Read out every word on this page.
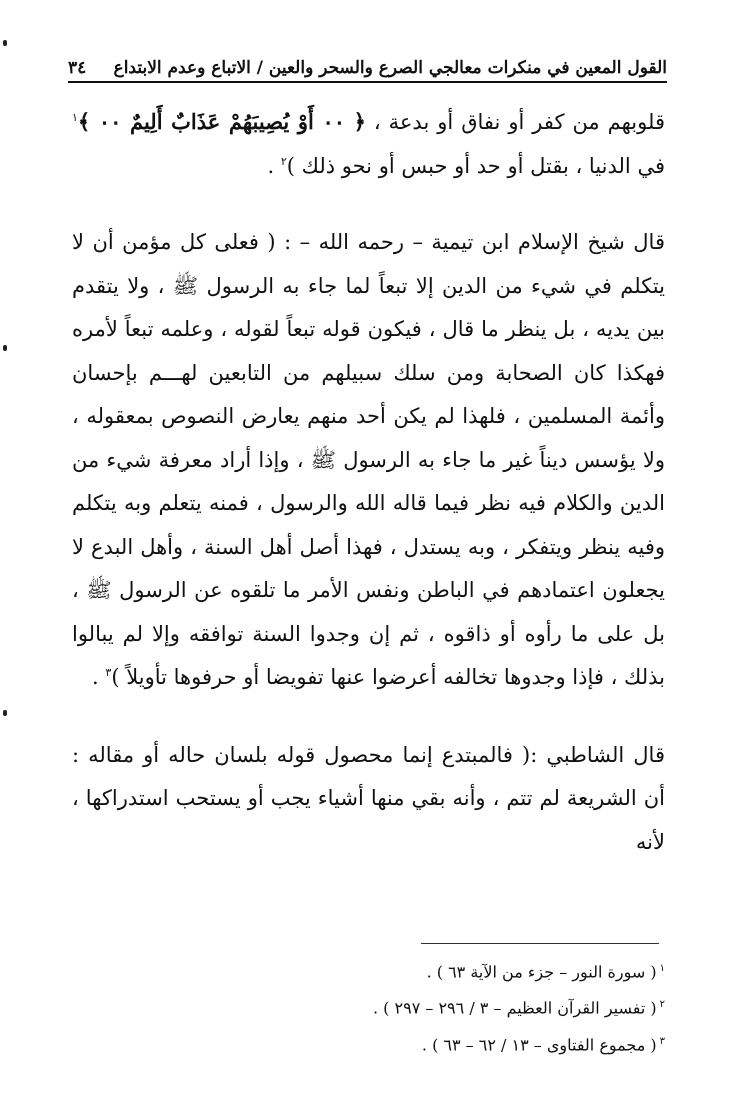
القول المعين في منكرات معالجي الصرع والسحر والعين / الاتباع وعدم الابتداع
٣٤

قلوبهم من كفر أو نفاق أو بدعة ، ﴿ ٠٠ أَوْ يُصِيبَهُمْ عَذَابٌ أَلِيمٌ ٠٠ ﴾$^١$ في الدنيا ، بقتل أو حد أو حبس أو نحو ذلك )$^٢$ .

قال شيخ الإسلام ابن تيمية – رحمه الله – : ( فعلى كل مؤمن أن لا يتكلم في شيء من الدين إلا تبعاً لما جاء به الرسول ﷺ ، ولا يتقدم بين يديه ، بل ينظر ما قال ، فيكون قوله تبعاً لقوله ، وعلمه تبعاً لأمره فهكذا كان الصحابة ومن سلك سبيلهم من التابعين لهـــم بإحسان وأئمة المسلمين ، فلهذا لم يكن أحد منهم يعارض النصوص بمعقوله ، ولا يؤسس ديناً غير ما جاء به الرسول ﷺ ، وإذا أراد معرفة شيء من الدين والكلام فيه نظر فيما قاله الله والرسول ، فمنه يتعلم وبه يتكلم وفيه ينظر ويتفكر ، وبه يستدل ، فهذا أصل أهل السنة ، وأهل البدع لا يجعلون اعتمادهم في الباطن ونفس الأمر ما تلقوه عن الرسول ﷺ ، بل على ما رأوه أو ذاقوه ، ثم إن وجدوا السنة توافقه وإلا لم يبالوا بذلك ، فإذا وجدوها تخالفه أعرضوا عنها تفويضا أو حرفوها تأويلاً )$^٣$ .

قال الشاطبي :( فالمبتدع إنما محصول قوله بلسان حاله أو مقاله : أن الشريعة لم تتم ، وأنه بقي منها أشياء يجب أو يستحب استدراكها ، لأنه

$^١$( سورة النور – جزء من الآية ٦٣ ) .
$^٢$( تفسير القرآن العظيم – ٣ / ٢٩٦ – ٢٩٧ ) .
$^٣$( مجموع الفتاوى – ١٣ / ٦٢ – ٦٣ ) .
